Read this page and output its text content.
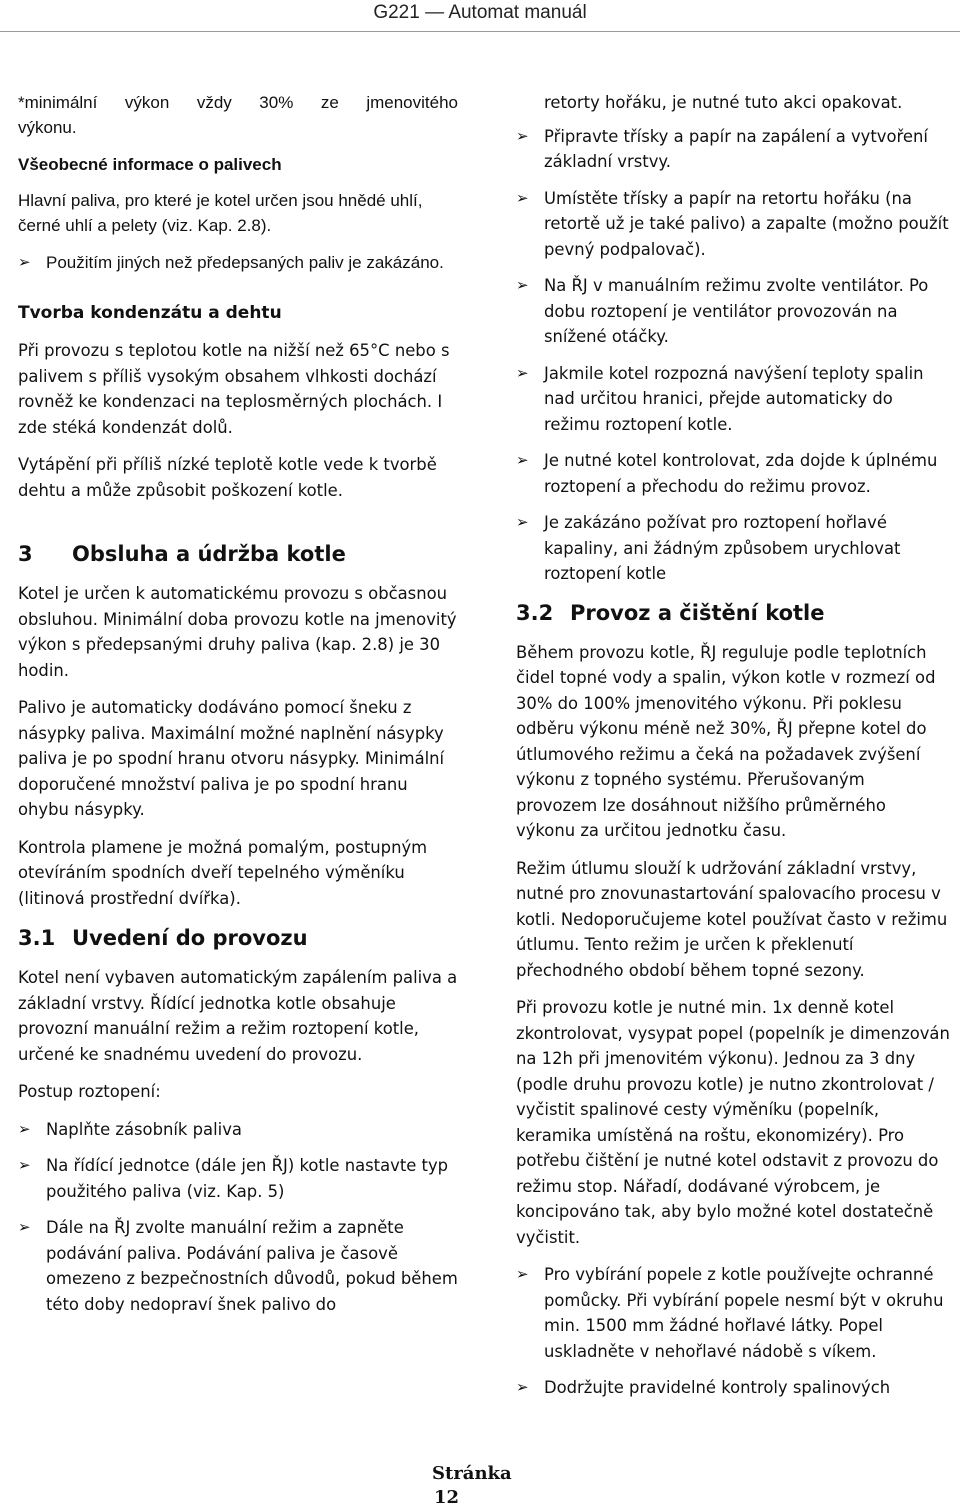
G221 — Automat manuál
*minimální výkon vždy 30% ze jmenovitého
výkonu.
Všeobecné informace o palivech
Hlavní paliva, pro které je kotel určen jsou hnědé uhlí, černé uhlí a pelety (viz. Kap. 2.8).
➢ Použitím jiných než předepsaných paliv je zakázáno.
Tvorba kondenzátu a dehtu
Při provozu s teplotou kotle na nižší než 65°C nebo s palivem s příliš vysokým obsahem vlhkosti dochází rovněž ke kondenzaci na teplosměrných plochách. I zde stéká kondenzát dolů.
Vytápění při příliš nízké teplotě kotle vede k tvorbě dehtu a může způsobit poškození kotle.
3 Obsluha a údržba kotle
Kotel je určen k automatickému provozu s občasnou obsluhou. Minimální doba provozu kotle na jmenovitý výkon s předepsanými druhy paliva (kap. 2.8) je 30 hodin.
Palivo je automaticky dodáváno pomocí šneku z násypky paliva. Maximální možné naplnění násypky paliva je po spodní hranu otvoru násypky. Minimální doporučené množství paliva je po spodní hranu ohybu násypky.
Kontrola plamene je možná pomalým, postupným otevíráním spodních dveří tepelného výměníku (litinová prostřední dvířka).
3.1 Uvedení do provozu
Kotel není vybaven automatickým zapálením paliva a základní vrstvy. Řídící jednotka kotle obsahuje provozní manuální režim a režim roztopení kotle, určené ke snadnému uvedení do provozu.
Postup roztopení:
➢ Naplňte zásobník paliva
➢ Na řídící jednotce (dále jen ŘJ) kotle nastavte typ použitého paliva (viz. Kap. 5)
➢ Dále na ŘJ zvolte manuální režim a zapněte podávání paliva. Podávání paliva je časově omezeno z bezpečnostních důvodů, pokud během této doby nedopraví šnek palivo do
retorty hořáku, je nutné tuto akci opakovat.
➢ Připravte třísky a papír na zapálení a vytvoření základní vrstvy.
➢ Umístěte třísky a papír na retortu hořáku (na retortě už je také palivo) a zapalte (možno použít pevný podpalovač).
➢ Na ŘJ v manuálním režimu zvolte ventilátor. Po dobu roztopení je ventilátor provozován na snížené otáčky.
➢ Jakmile kotel rozpozná navýšení teploty spalin nad určitou hranici, přejde automaticky do režimu roztopení kotle.
➢ Je nutné kotel kontrolovat, zda dojde k úplnému roztopení a přechodu do režimu provoz.
➢ Je zakázáno požívat pro roztopení hořlavé kapaliny, ani žádným způsobem urychlovat roztopení kotle
3.2 Provoz a čištění kotle
Během provozu kotle, ŘJ reguluje podle teplotních čidel topné vody a spalin, výkon kotle v rozmezí od 30% do 100% jmenovitého výkonu. Při poklesu odběru výkonu méně než 30%, ŘJ přepne kotel do útlumového režimu a čeká na požadavek zvýšení výkonu z topného systému. Přerušovaným provozem lze dosáhnout nižšího průměrného výkonu za určitou jednotku času.
Režim útlumu slouží k udržování základní vrstvy, nutné pro znovunastartování spalovacího procesu v kotli. Nedoporučujeme kotel používat často v režimu útlumu. Tento režim je určen k překlenutí přechodného období během topné sezony.
Při provozu kotle je nutné min. 1x denně kotel zkontrolovat, vysypat popel (popelník je dimenzován na 12h při jmenovitém výkonu). Jednou za 3 dny (podle druhu provozu kotle) je nutno zkontrolovat / vyčistit spalinové cesty výměníku (popelník, keramika umístěná na roštu, ekonomizéry). Pro potřebu čištění je nutné kotel odstavit z provozu do režimu stop. Nářadí, dodávané výrobcem, je koncipováno tak, aby bylo možné kotel dostatečně vyčistit.
➢ Pro vybírání popele z kotle používejte ochranné pomůcky. Při vybírání popele nesmí být v okruhu min. 1500 mm žádné hořlavé látky. Popel uskladněte v nehořlavé nádobě s víkem.
➢ Dodržujte pravidelné kontroly spalinových
Stránka
12
